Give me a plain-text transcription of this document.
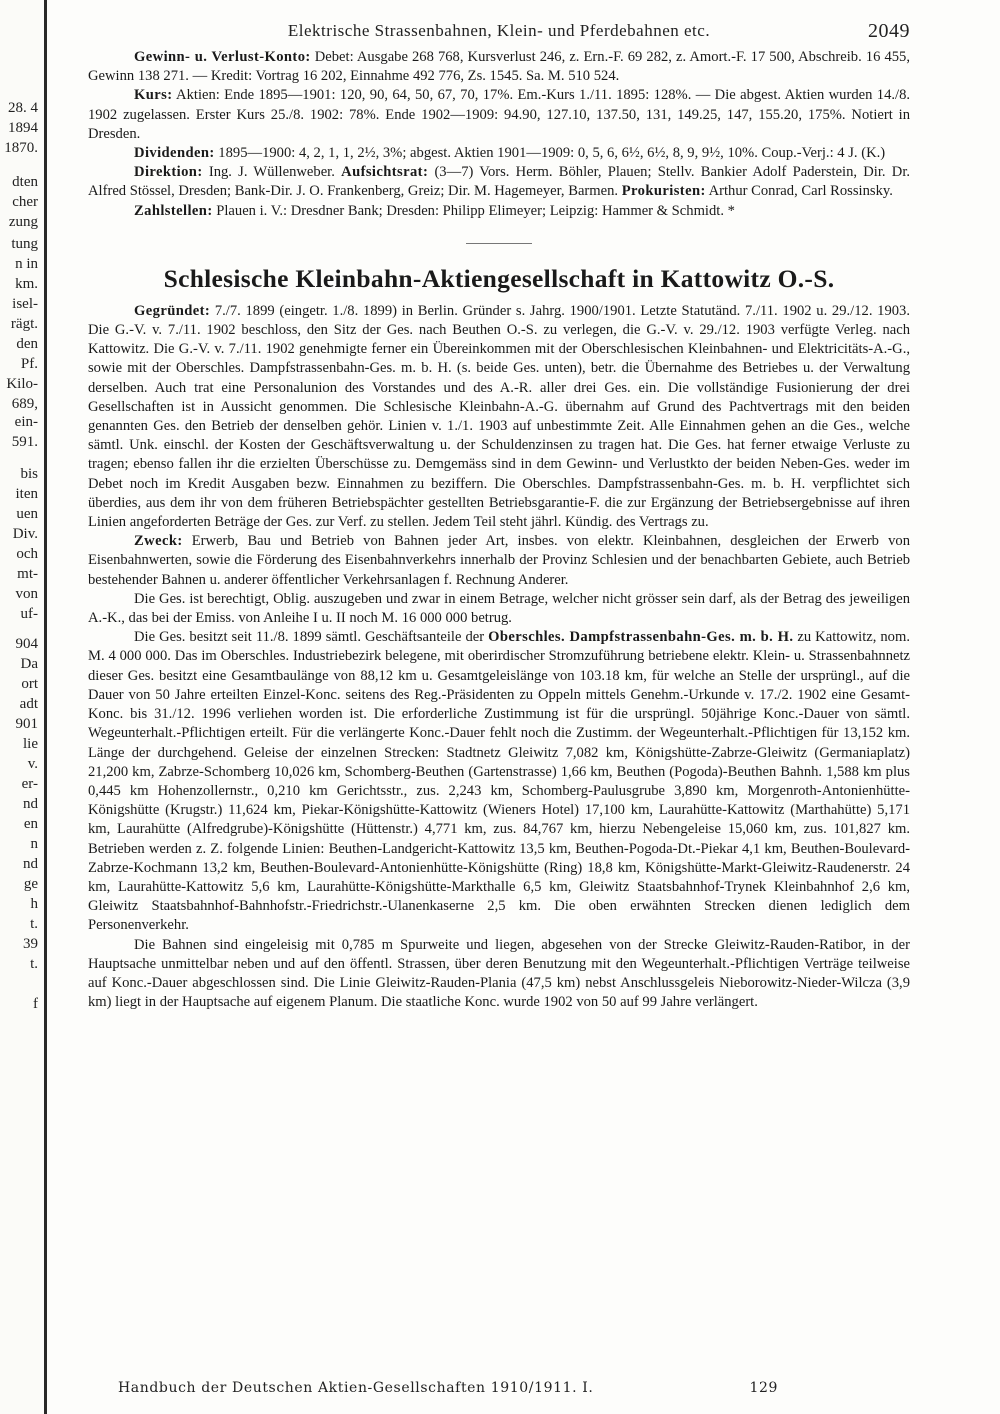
28. 4
1894
1870.
dten
cher
zung
tung
n in
km.
isel-
rägt.
den
Pf.
Kilo-
689,
ein-
591.
bis
iten
uen
Div.
och
mt-
von
uf-
904
Da
ort
adt
901
lie
v.
er-
nd
en
n
nd
ge
h
t.
39
t.
f
Elektrische Strassenbahnen, Klein- und Pferdebahnen etc.	2049

Gewinn- u. Verlust-Konto: Debet: Ausgabe 268 768, Kursverlust 246, z. Ern.-F. 69 282, z. Amort.-F. 17 500, Abschreib. 16 455, Gewinn 138 271. — Kredit: Vortrag 16 202, Einnahme 492 776, Zs. 1545. Sa. M. 510 524.

Kurs: Aktien: Ende 1895—1901: 120, 90, 64, 50, 67, 70, 17%. Em.-Kurs 1./11. 1895: 128%. — Die abgest. Aktien wurden 14./8. 1902 zugelassen. Erster Kurs 25./8. 1902: 78%. Ende 1902—1909: 94.90, 127.10, 137.50, 131, 149.25, 147, 155.20, 175%. Notiert in Dresden.

Dividenden: 1895—1900: 4, 2, 1, 1, 2½, 3%; abgest. Aktien 1901—1909: 0, 5, 6, 6½, 6½, 8, 9, 9½, 10%. Coup.-Verj.: 4 J. (K.)

Direktion: Ing. J. Wüllenweber. Aufsichtsrat: (3—7) Vors. Herm. Böhler, Plauen; Stellv. Bankier Adolf Paderstein, Dir. Dr. Alfred Stössel, Dresden; Bank-Dir. J. O. Frankenberg, Greiz; Dir. M. Hagemeyer, Barmen. Prokuristen: Arthur Conrad, Carl Rossinsky.

Zahlstellen: Plauen i. V.: Dresdner Bank; Dresden: Philipp Elimeyer; Leipzig: Hammer & Schmidt. *

Schlesische Kleinbahn-Aktiengesellschaft in Kattowitz O.-S.

Gegründet: 7./7. 1899 (eingetr. 1./8. 1899) in Berlin. Gründer s. Jahrg. 1900/1901. Letzte Statutänd. 7./11. 1902 u. 29./12. 1903. Die G.-V. v. 7./11. 1902 beschloss, den Sitz der Ges. nach Beuthen O.-S. zu verlegen, die G.-V. v. 29./12. 1903 verfügte Verleg. nach Kattowitz. Die G.-V. v. 7./11. 1902 genehmigte ferner ein Übereinkommen mit der Oberschlesischen Kleinbahnen- und Elektricitäts-A.-G., sowie mit der Oberschles. Dampfstrassenbahn-Ges. m. b. H. (s. beide Ges. unten), betr. die Übernahme des Betriebes u. der Verwaltung derselben. Auch trat eine Personalunion des Vorstandes und des A.-R. aller drei Ges. ein. Die vollständige Fusionierung der drei Gesellschaften ist in Aussicht genommen. Die Schlesische Kleinbahn-A.-G. übernahm auf Grund des Pachtvertrags mit den beiden genannten Ges. den Betrieb der denselben gehör. Linien v. 1./1. 1903 auf unbestimmte Zeit. Alle Einnahmen gehen an die Ges., welche sämtl. Unk. einschl. der Kosten der Geschäftsverwaltung u. der Schuldenzinsen zu tragen hat. Die Ges. hat ferner etwaige Verluste zu tragen; ebenso fallen ihr die erzielten Überschüsse zu. Demgemäss sind in dem Gewinn- und Verlustkto der beiden Neben-Ges. weder im Debet noch im Kredit Ausgaben bezw. Einnahmen zu beziffern. Die Oberschles. Dampfstrassenbahn-Ges. m. b. H. verpflichtet sich überdies, aus dem ihr von dem früheren Betriebspächter gestellten Betriebsgarantie-F. die zur Ergänzung der Betriebsergebnisse auf ihren Linien angeforderten Beträge der Ges. zur Verf. zu stellen. Jedem Teil steht jährl. Kündig. des Vertrags zu.

Zweck: Erwerb, Bau und Betrieb von Bahnen jeder Art, insbes. von elektr. Kleinbahnen, desgleichen der Erwerb von Eisenbahnwerten, sowie die Förderung des Eisenbahnverkehrs innerhalb der Provinz Schlesien und der benachbarten Gebiete, auch Betrieb bestehender Bahnen u. anderer öffentlicher Verkehrsanlagen f. Rechnung Anderer.

Die Ges. ist berechtigt, Oblig. auszugeben und zwar in einem Betrage, welcher nicht grösser sein darf, als der Betrag des jeweiligen A.-K., das bei der Emiss. von Anleihe I u. II noch M. 16 000 000 betrug.

Die Ges. besitzt seit 11./8. 1899 sämtl. Geschäftsanteile der Oberschles. Dampfstrassenbahn-Ges. m. b. H. zu Kattowitz, nom. M. 4 000 000. Das im Oberschles. Industriebezirk belegene, mit oberirdischer Stromzuführung betriebene elektr. Klein- u. Strassenbahnnetz dieser Ges. besitzt eine Gesamtbaulänge von 88,12 km u. Gesamtgeleislänge von 103.18 km, für welche an Stelle der ursprüngl., auf die Dauer von 50 Jahre erteilten Einzel-Konc. seitens des Reg.-Präsidenten zu Oppeln mittels Genehm.-Urkunde v. 17./2. 1902 eine Gesamt-Konc. bis 31./12. 1996 verliehen worden ist. Die erforderliche Zustimmung ist für die ursprüngl. 50jährige Konc.-Dauer von sämtl. Wegeunterhalt.-Pflichtigen erteilt. Für die verlängerte Konc.-Dauer fehlt noch die Zustimm. der Wegeunterhalt.-Pflichtigen für 13,152 km. Länge der durchgehend. Geleise der einzelnen Strecken: Stadtnetz Gleiwitz 7,082 km, Königshütte-Zabrze-Gleiwitz (Germaniaplatz) 21,200 km, Zabrze-Schomberg 10,026 km, Schomberg-Beuthen (Gartenstrasse) 1,66 km, Beuthen (Pogoda)-Beuthen Bahnh. 1,588 km plus 0,445 km Hohenzollernstr., 0,210 km Gerichtsstr., zus. 2,243 km, Schomberg-Paulusgrube 3,890 km, Morgenroth-Antonienhütte-Königshütte (Krugstr.) 11,624 km, Piekar-Königshütte-Kattowitz (Wieners Hotel) 17,100 km, Laurahütte-Kattowitz (Marthahütte) 5,171 km, Laurahütte (Alfredgrube)-Königshütte (Hüttenstr.) 4,771 km, zus. 84,767 km, hierzu Nebengeleise 15,060 km, zus. 101,827 km. Betrieben werden z. Z. folgende Linien: Beuthen-Landgericht-Kattowitz 13,5 km, Beuthen-Pogoda-Dt.-Piekar 4,1 km, Beuthen-Boulevard-Zabrze-Kochmann 13,2 km, Beuthen-Boulevard-Antonienhütte-Königshütte (Ring) 18,8 km, Königshütte-Markt-Gleiwitz-Raudenerstr. 24 km, Laurahütte-Kattowitz 5,6 km, Laurahütte-Königshütte-Markthalle 6,5 km, Gleiwitz Staatsbahnhof-Trynek Kleinbahnhof 2,6 km, Gleiwitz Staatsbahnhof-Bahnhofstr.-Friedrichstr.-Ulanenkaserne 2,5 km. Die oben erwähnten Strecken dienen lediglich dem Personenverkehr.

Die Bahnen sind eingeleisig mit 0,785 m Spurweite und liegen, abgesehen von der Strecke Gleiwitz-Rauden-Ratibor, in der Hauptsache unmittelbar neben und auf den öffentl. Strassen, über deren Benutzung mit den Wegeunterhalt.-Pflichtigen Verträge teilweise auf Konc.-Dauer abgeschlossen sind. Die Linie Gleiwitz-Rauden-Plania (47,5 km) nebst Anschlussgeleis Nieborowitz-Nieder-Wilcza (3,9 km) liegt in der Hauptsache auf eigenem Planum. Die staatliche Konc. wurde 1902 von 50 auf 99 Jahre verlängert.

Handbuch der Deutschen Aktien-Gesellschaften 1910/1911. I.	129
